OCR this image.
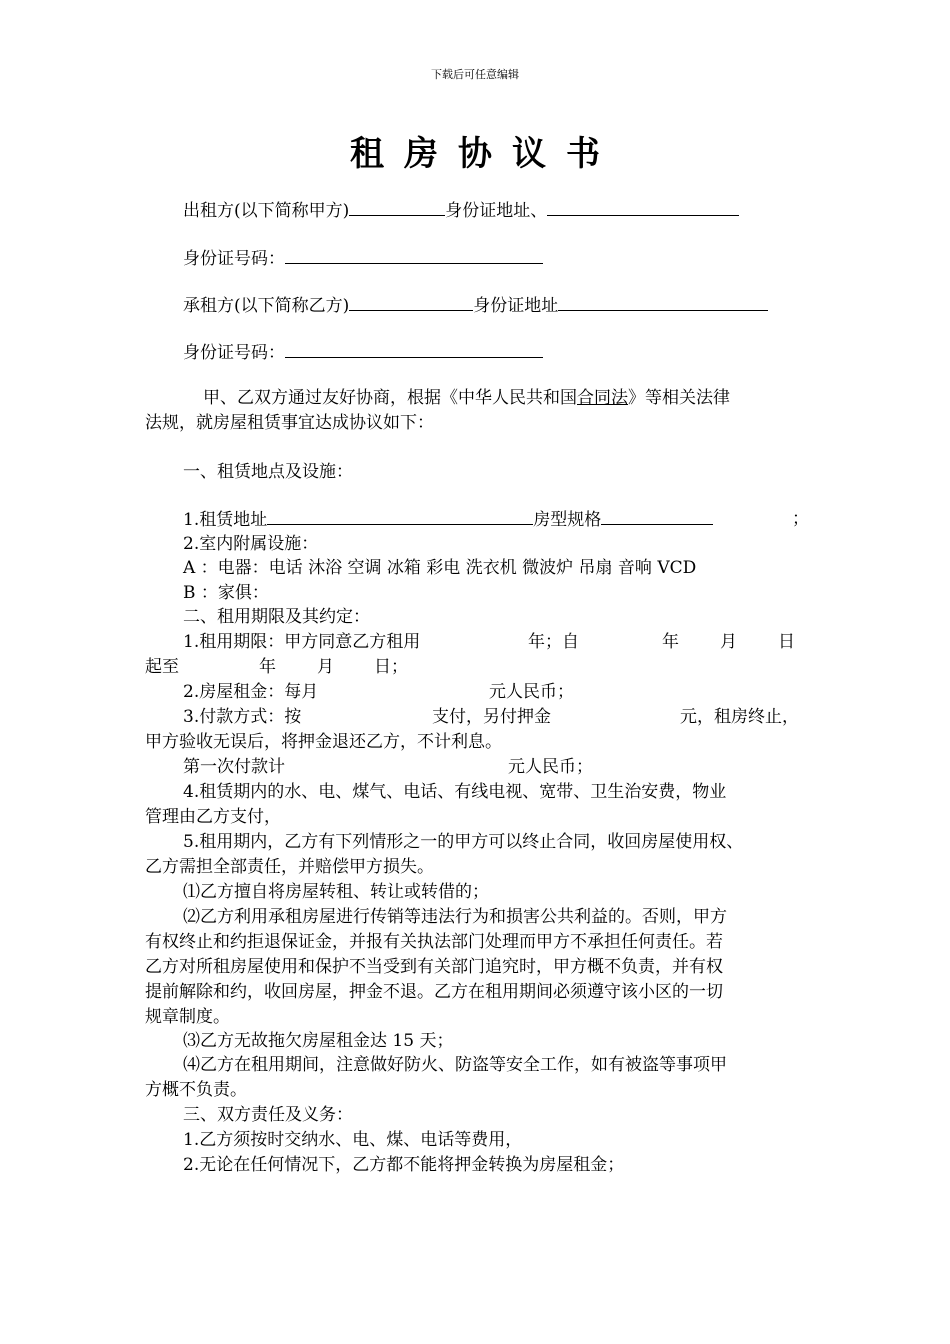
下载后可任意编辑
租房协议书
出租方(以下简称甲方)	身份证地址、
身份证号码：
承租方(以下简称乙方)	身份证地址
身份证号码：
甲、乙双方通过友好协商，根据《中华人民共和国合同法》等相关法律
法规，就房屋租赁事宜达成协议如下：
一、租赁地点及设施：
1.租赁地址	房型规格	；
2.室内附属设施：
A ：电器：电话 沐浴 空调 冰箱 彩电 洗衣机 微波炉 吊扇 音响 VCD
B ：家俱：
二、租用期限及其约定：
1.租用期限：甲方同意乙方租用	年；自	年 月 日
起至	年 月 日；
2.房屋租金：每月	元人民币；
3.付款方式：按	支付，另付押金	元，租房终止，
甲方验收无误后，将押金退还乙方，不计利息。
第一次付款计	元人民币；
4.租赁期内的水、电、煤气、电话、有线电视、宽带、卫生治安费，物业
管理由乙方支付，
5.租用期内，乙方有下列情形之一的甲方可以终止合同，收回房屋使用权、
乙方需担全部责任，并赔偿甲方损失。
⑴乙方擅自将房屋转租、转让或转借的；
⑵乙方利用承租房屋进行传销等违法行为和损害公共利益的。否则，甲方
有权终止和约拒退保证金，并报有关执法部门处理而甲方不承担任何责任。若
乙方对所租房屋使用和保护不当受到有关部门追究时，甲方概不负责，并有权
提前解除和约，收回房屋，押金不退。乙方在租用期间必须遵守该小区的一切
规章制度。
⑶乙方无故拖欠房屋租金达 15 天；
⑷乙方在租用期间，注意做好防火、防盗等安全工作，如有被盗等事项甲
方概不负责。
三、双方责任及义务：
1.乙方须按时交纳水、电、煤、电话等费用，
2.无论在任何情况下，乙方都不能将押金转换为房屋租金；
